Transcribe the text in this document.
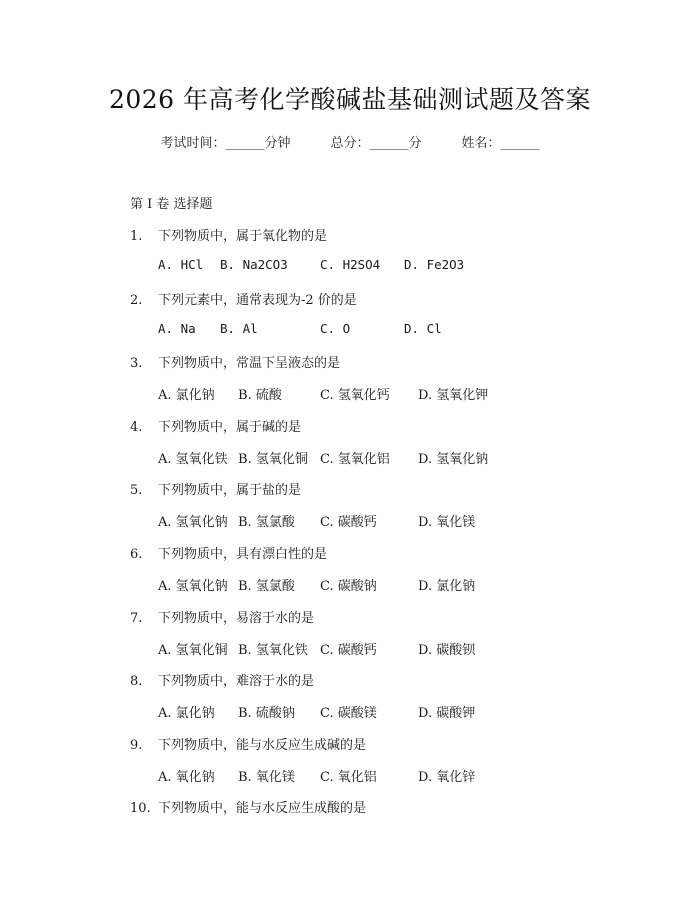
2026 年高考化学酸碱盐基础测试题及答案
考试时间：______分钟	总分：______分	姓名：______
第 I 卷 选择题
1. 下列物质中，属于氧化物的是
A. HCl B. Na2CO3	C. H2SO4 D. Fe2O3
2. 下列元素中，通常表现为-2 价的是
A. Na B. Al	C. O	D. Cl
3. 下列物质中，常温下呈液态的是
A. 氯化钠 B. 硫酸	C. 氢氧化钙 D. 氢氧化钾
4. 下列物质中，属于碱的是
A. 氢氧化铁 B. 氢氧化铜 C. 氢氧化铝 D. 氢氧化钠
5. 下列物质中，属于盐的是
A. 氢氧化钠 B. 氢氯酸 C. 碳酸钙	D. 氧化镁
6. 下列物质中，具有漂白性的是
A. 氢氧化钠 B. 氢氯酸 C. 碳酸钠	D. 氯化钠
7. 下列物质中，易溶于水的是
A. 氢氧化铜 B. 氢氧化铁 C. 碳酸钙	D. 碳酸钡
8. 下列物质中，难溶于水的是
A. 氯化钠 B. 硫酸钠 C. 碳酸镁	D. 碳酸钾
9. 下列物质中，能与水反应生成碱的是
A. 氧化钠 B. 氧化镁 C. 氧化铝	D. 氧化锌
10. 下列物质中，能与水反应生成酸的是
